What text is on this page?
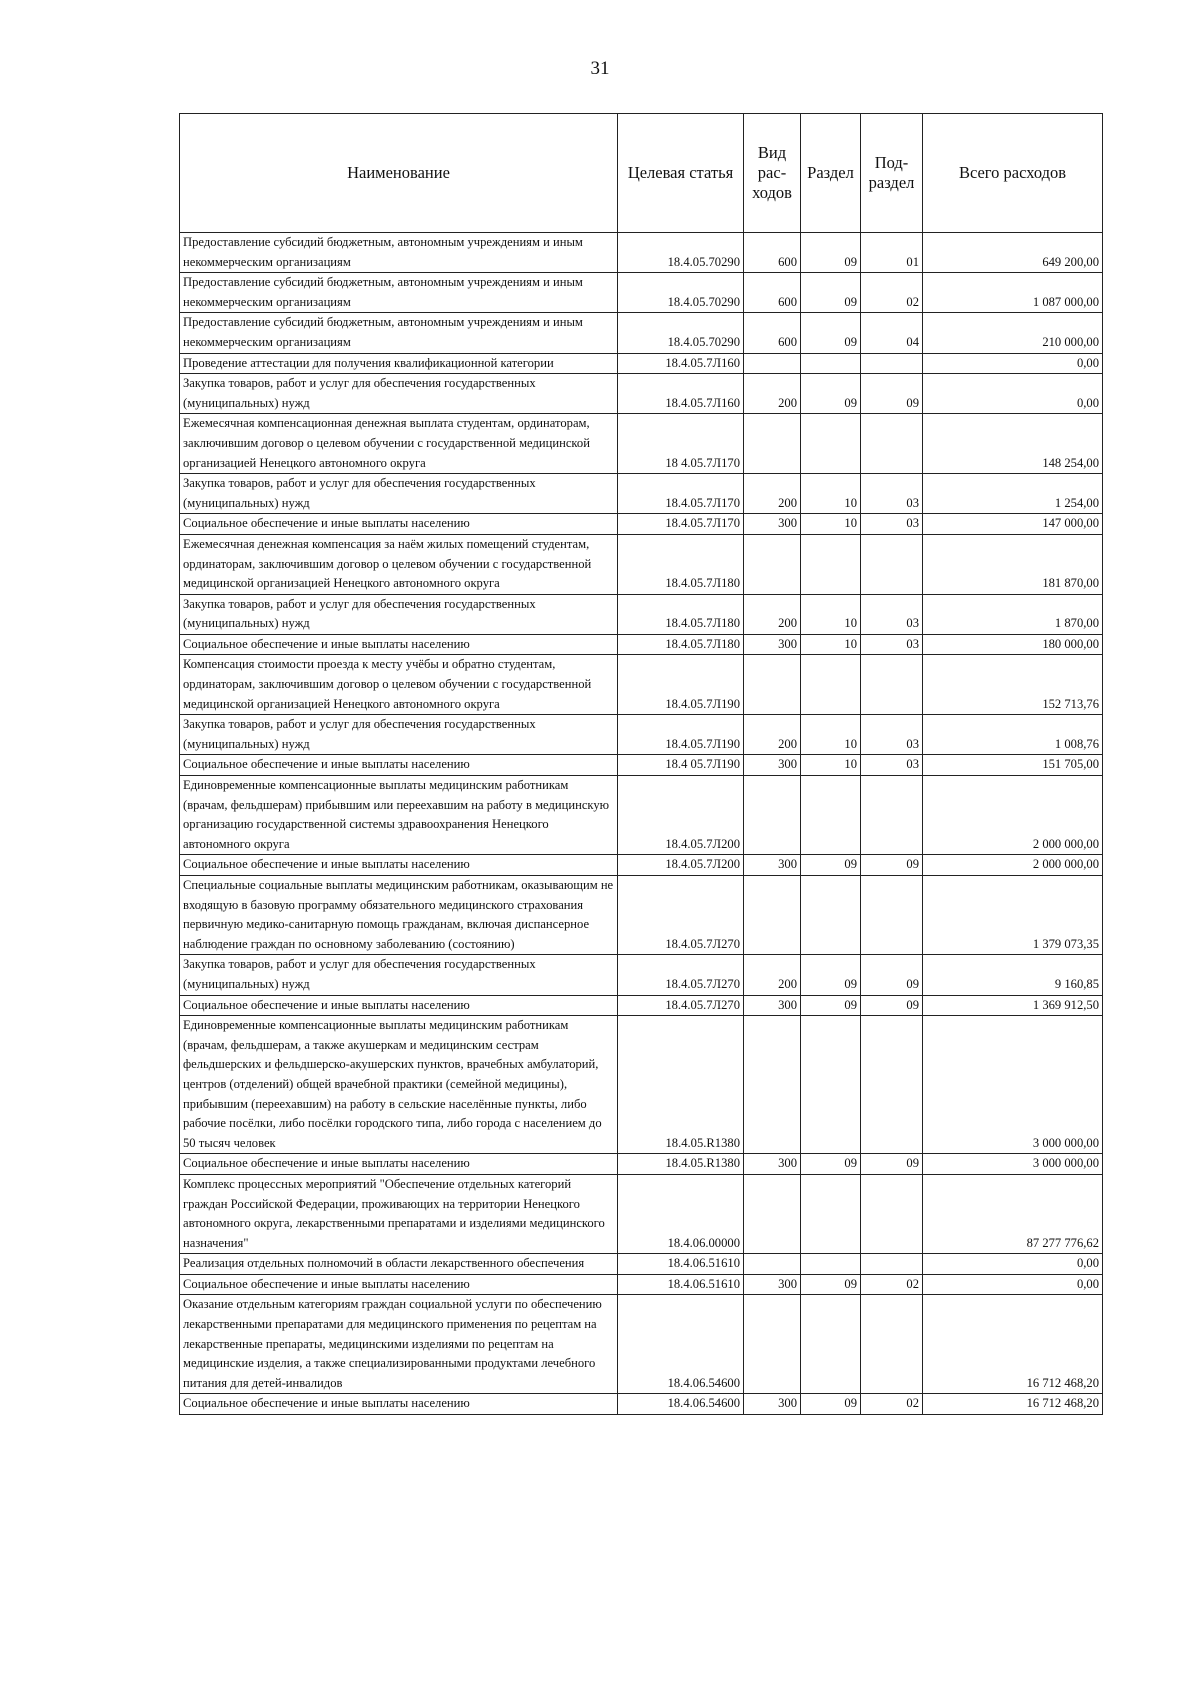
31
Наименование	Целевая статья	Вид рас-ходов	Раздел	Под-раздел	Всего расходов
Предоставление субсидий бюджетным, автономным учреждениям и иным некоммерческим организациям	18.4.05.70290	600	09	01	649 200,00
Предоставление субсидий бюджетным, автономным учреждениям и иным некоммерческим организациям	18.4.05.70290	600	09	02	1 087 000,00
Предоставление субсидий бюджетным, автономным учреждениям и иным некоммерческим организациям	18.4.05.70290	600	09	04	210 000,00
Проведение аттестации для получения квалификационной категории	18.4.05.7Л160				0,00
Закупка товаров, работ и услуг для обеспечения государственных (муниципальных) нужд	18.4.05.7Л160	200	09	09	0,00
Ежемесячная компенсационная денежная выплата студентам, ординаторам, заключившим договор о целевом обучении с государственной медицинской организацией Ненецкого автономного округа	18 4.05.7Л170				148 254,00
Закупка товаров, работ и услуг для обеспечения государственных (муниципальных) нужд	18.4.05.7Л170	200	10	03	1 254,00
Социальное обеспечение и иные выплаты населению	18.4.05.7Л170	300	10	03	147 000,00
Ежемесячная денежная компенсация за наём жилых помещений студентам, ординаторам, заключившим договор о целевом обучении с государственной медицинской организацией Ненецкого автономного округа	18.4.05.7Л180				181 870,00
Закупка товаров, работ и услуг для обеспечения государственных (муниципальных) нужд	18.4.05.7Л180	200	10	03	1 870,00
Социальное обеспечение и иные выплаты населению	18.4.05.7Л180	300	10	03	180 000,00
Компенсация стоимости проезда к месту учёбы и обратно студентам, ординаторам, заключившим договор о целевом обучении с государственной медицинской организацией Ненецкого автономного округа	18.4.05.7Л190				152 713,76
Закупка товаров, работ и услуг для обеспечения государственных (муниципальных) нужд	18.4.05.7Л190	200	10	03	1 008,76
Социальное обеспечение и иные выплаты населению	18.4 05.7Л190	300	10	03	151 705,00
Единовременные компенсационные выплаты медицинским работникам (врачам, фельдшерам) прибывшим или переехавшим на работу в медицинскую организацию государственной системы здравоохранения Ненецкого автономного округа	18.4.05.7Л200				2 000 000,00
Социальное обеспечение и иные выплаты населению	18.4.05.7Л200	300	09	09	2 000 000,00
Специальные социальные выплаты медицинским работникам, оказывающим не входящую в базовую программу обязательного медицинского страхования первичную медико-санитарную помощь гражданам, включая диспансерное наблюдение граждан по основному заболеванию (состоянию)	18.4.05.7Л270				1 379 073,35
Закупка товаров, работ и услуг для обеспечения государственных (муниципальных) нужд	18.4.05.7Л270	200	09	09	9 160,85
Социальное обеспечение и иные выплаты населению	18.4.05.7Л270	300	09	09	1 369 912,50
Единовременные компенсационные выплаты медицинским работникам (врачам, фельдшерам, а также акушеркам и медицинским сестрам фельдшерских и фельдшерско-акушерских пунктов, врачебных амбулаторий, центров (отделений) общей врачебной практики (семейной медицины), прибывшим (переехавшим) на работу в сельские населённые пункты, либо рабочие посёлки, либо посёлки городского типа, либо города с населением до 50 тысяч человек	18.4.05.R1380				3 000 000,00
Социальное обеспечение и иные выплаты населению	18.4.05.R1380	300	09	09	3 000 000,00
Комплекс процессных мероприятий "Обеспечение отдельных категорий граждан Российской Федерации, проживающих на территории Ненецкого автономного округа, лекарственными препаратами и изделиями медицинского назначения"	18.4.06.00000				87 277 776,62
Реализация отдельных полномочий в области лекарственного обеспечения	18.4.06.51610				0,00
Социальное обеспечение и иные выплаты населению	18.4.06.51610	300	09	02	0,00
Оказание отдельным категориям граждан социальной услуги по обеспечению лекарственными препаратами для медицинского применения по рецептам на лекарственные препараты, медицинскими изделиями по рецептам на медицинские изделия, а также специализированными продуктами лечебного питания для детей-инвалидов	18.4.06.54600				16 712 468,20
Социальное обеспечение и иные выплаты населению	18.4.06.54600	300	09	02	16 712 468,20
